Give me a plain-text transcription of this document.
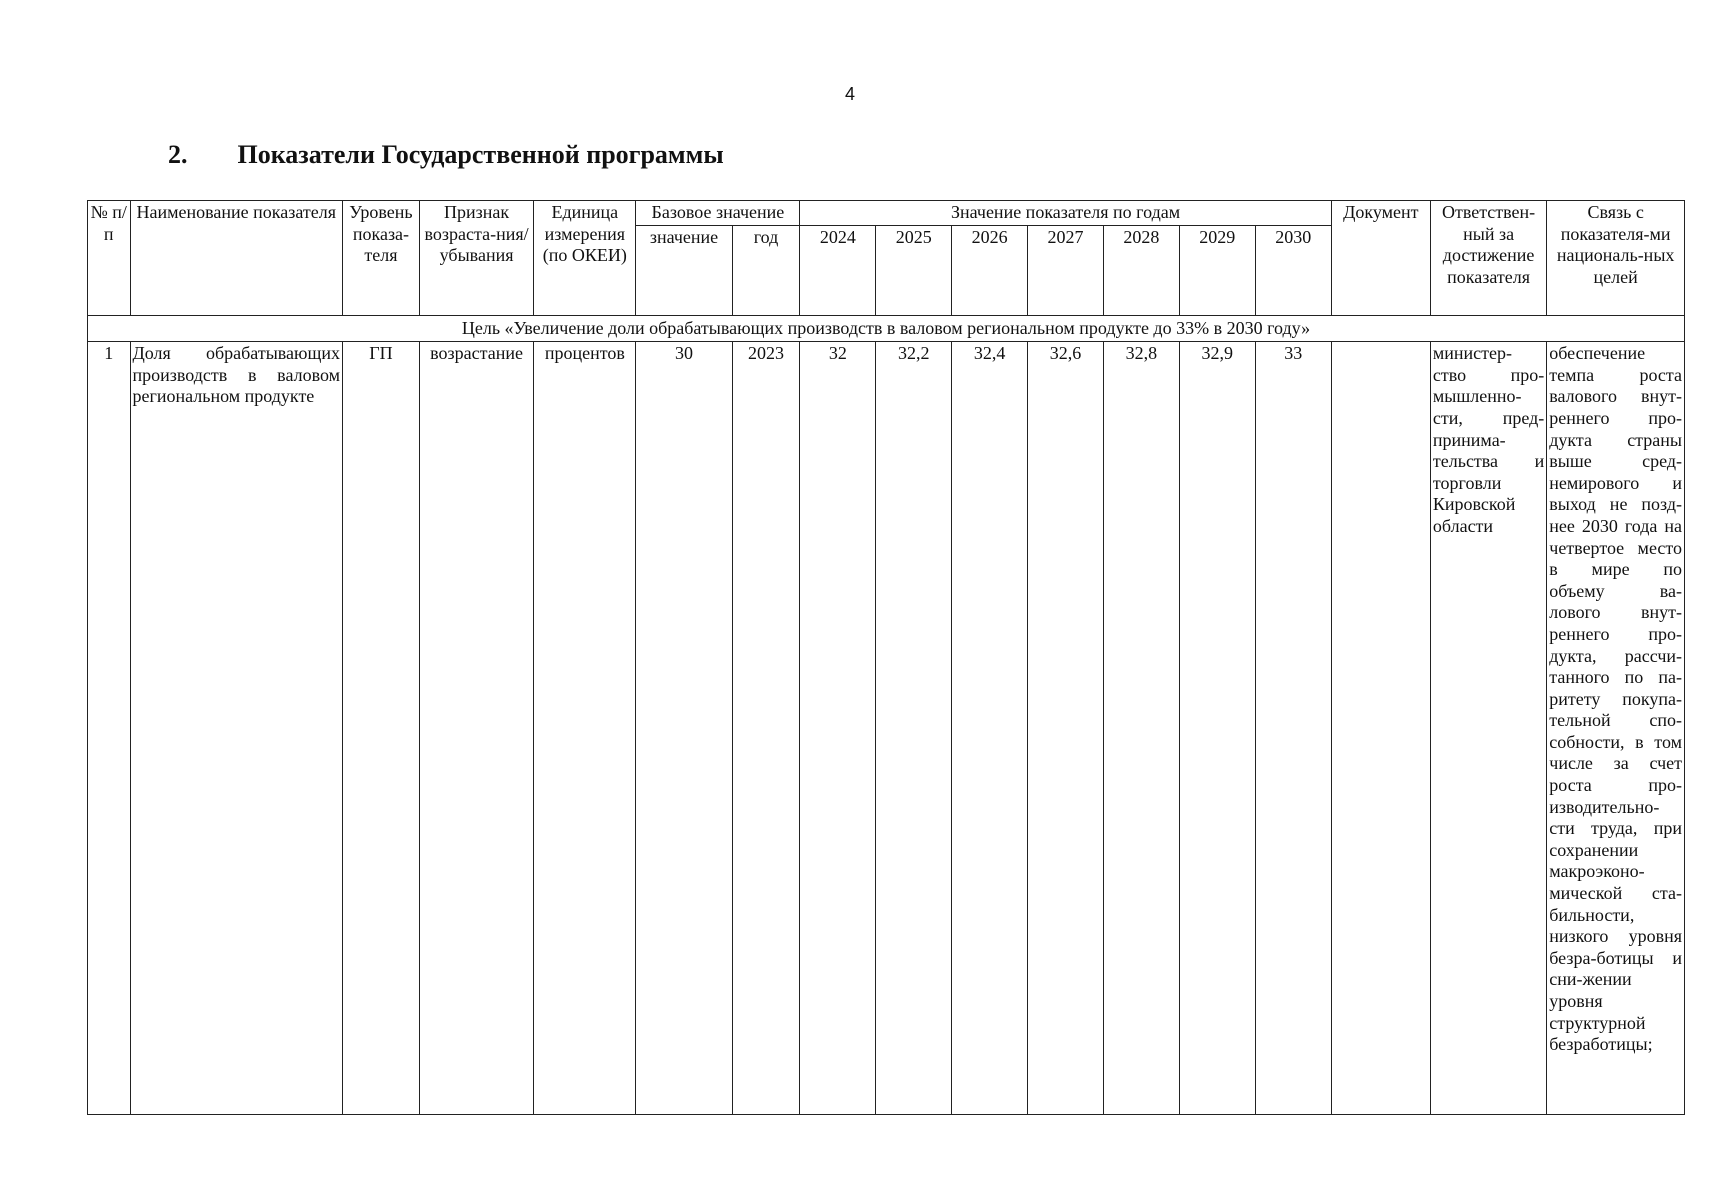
4
2. Показатели Государственной программы
№ п/п	Наименование показателя	Уровень показа-теля	Признак возраста-ния/ убывания	Единица измерения (по ОКЕИ)	Базовое значение		Значение показателя по годам							Документ	Ответствен-ный за достижение показателя	Связь с показателя-ми националь-ных целей
					значение	год	2024	2025	2026	2027	2028	2029	2030			
Цель «Увеличение доли обрабатывающих производств в валовом региональном продукте до 33% в 2030 году»																
1	Доля обрабатывающих производств в валовом региональном продукте	ГП	возрастание	процентов	30	2023	32	32,2	32,4	32,6	32,8	32,9	33		министер-ство про-мышленно-сти, пред-принима-тельства и торговли Кировской области	обеспечение темпа роста валового внут-реннего про-дукта страны выше сред-немирового и выход не позд-нее 2030 года на четвертое место в мире по объему ва-лового внут-реннего про-дукта, рассчи-танного по па-ритету покупа-тельной спо-собности, в том числе за счет роста про-изводительно-сти труда, при сохранении макроэконо-мической ста-бильности, низкого уровня безра-ботицы и сни-жении уровня структурной безработицы;
